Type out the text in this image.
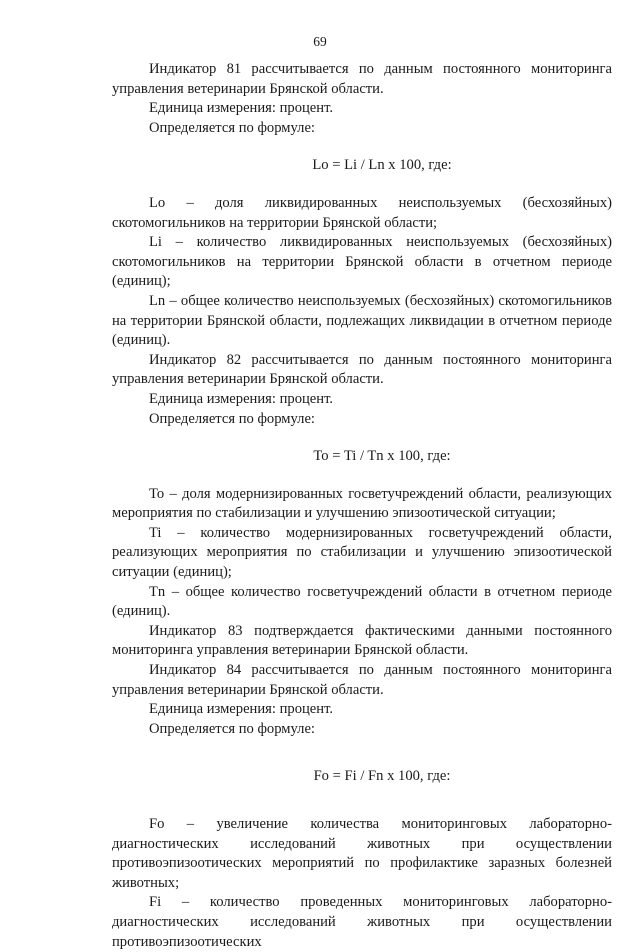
69

Индикатор 81 рассчитывается по данным постоянного мониторинга управления ветеринарии Брянской области.

Единица измерения: процент.

Определяется по формуле:

Lo = Li / Ln x 100, где:

Lo – доля ликвидированных неиспользуемых (бесхозяйных) скотомогильников на территории Брянской области;

Li – количество ликвидированных неиспользуемых (бесхозяйных) скотомогильников на территории Брянской области в отчетном периоде (единиц);

Ln – общее количество неиспользуемых (бесхозяйных) скотомогильников на территории Брянской области, подлежащих ликвидации в отчетном периоде (единиц).

Индикатор 82 рассчитывается по данным постоянного мониторинга управления ветеринарии Брянской области.

Единица измерения: процент.

Определяется по формуле:

To = Ti / Tn x 100, где:

To – доля модернизированных госветучреждений области, реализующих мероприятия по стабилизации и улучшению эпизоотической ситуации;

Ti – количество модернизированных госветучреждений области, реализующих мероприятия по стабилизации и улучшению эпизоотической ситуации (единиц);

Tn – общее количество госветучреждений области в отчетном периоде (единиц).

Индикатор 83 подтверждается фактическими данными постоянного мониторинга управления ветеринарии Брянской области.

Индикатор 84 рассчитывается по данным постоянного мониторинга управления ветеринарии Брянской области.

Единица измерения: процент.

Определяется по формуле:

Fo = Fi / Fn x 100, где:

Fo – увеличение количества мониторинговых лабораторно-диагностических исследований животных при осуществлении противоэпизоотических мероприятий по профилактике заразных болезней животных;

Fi – количество проведенных мониторинговых лабораторно-диагностических исследований животных при осуществлении противоэпизоотических
